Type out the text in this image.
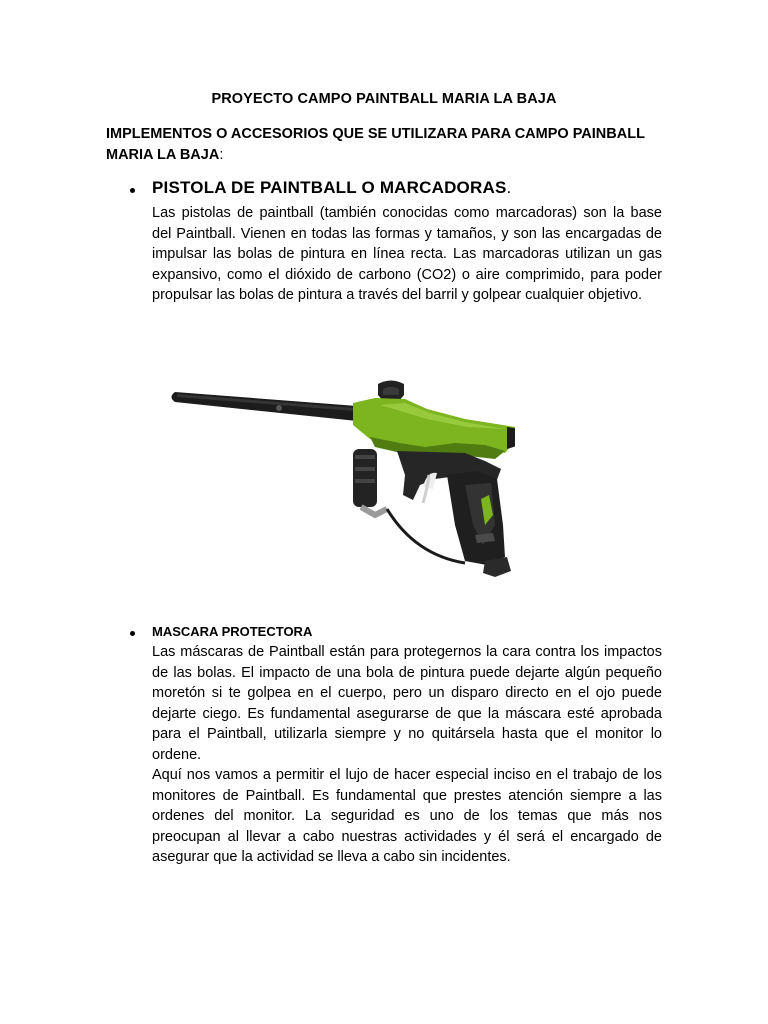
PROYECTO CAMPO PAINTBALL MARIA LA BAJA
IMPLEMENTOS O ACCESORIOS QUE SE UTILIZARA PARA CAMPO PAINBALL MARIA LA BAJA:
PISTOLA DE PAINTBALL O MARCADORAS.
Las pistolas de paintball (también conocidas como marcadoras) son la base del Paintball. Vienen en todas las formas y tamaños, y son las encargadas de impulsar las bolas de pintura en línea recta. Las marcadoras utilizan un gas expansivo, como el dióxido de carbono (CO2) o aire comprimido, para poder propulsar las bolas de pintura a través del barril y golpear cualquier objetivo.
MASCARA PROTECTORA
Las máscaras de Paintball están para protegernos la cara contra los impactos de las bolas. El impacto de una bola de pintura puede dejarte algún pequeño moretón si te golpea en el cuerpo, pero un disparo directo en el ojo puede dejarte ciego. Es fundamental asegurarse de que la máscara esté aprobada para el Paintball, utilizarla siempre y no quitársela hasta que el monitor lo ordene.
Aquí nos vamos a permitir el lujo de hacer especial inciso en el trabajo de los monitores de Paintball. Es fundamental que prestes atención siempre a las ordenes del monitor. La seguridad es uno de los temas que más nos preocupan al llevar a cabo nuestras actividades y él será el encargado de asegurar que la actividad se lleva a cabo sin incidentes.
